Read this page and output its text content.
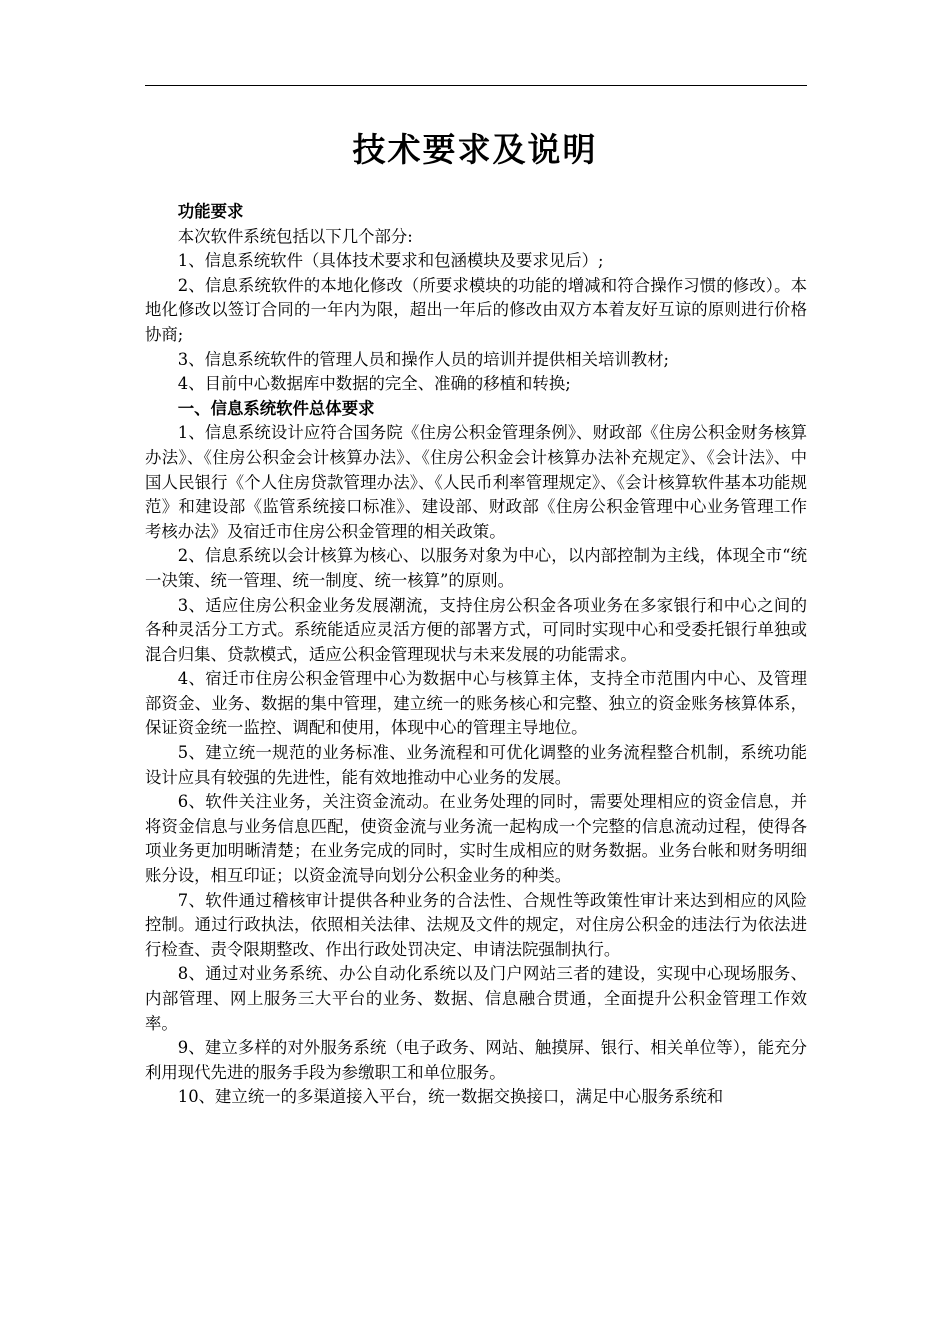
技术要求及说明

功能要求

本次软件系统包括以下几个部分:

1、信息系统软件（具体技术要求和包涵模块及要求见后）;

2、信息系统软件的本地化修改（所要求模块的功能的增减和符合操作习惯的修改）。本地化修改以签订合同的一年内为限，超出一年后的修改由双方本着友好互谅的原则进行价格协商;

3、信息系统软件的管理人员和操作人员的培训并提供相关培训教材;

4、目前中心数据库中数据的完全、准确的移植和转换;

一、信息系统软件总体要求

1、信息系统设计应符合国务院《住房公积金管理条例》、财政部《住房公积金财务核算办法》、《住房公积金会计核算办法》、《住房公积金会计核算办法补充规定》、《会计法》、中国人民银行《个人住房贷款管理办法》、《人民币利率管理规定》、《会计核算软件基本功能规范》和建设部《监管系统接口标准》、建设部、财政部《住房公积金管理中心业务管理工作考核办法》及宿迁市住房公积金管理的相关政策。

2、信息系统以会计核算为核心、以服务对象为中心，以内部控制为主线，体现全市“统一决策、统一管理、统一制度、统一核算”的原则。

3、适应住房公积金业务发展潮流，支持住房公积金各项业务在多家银行和中心之间的各种灵活分工方式。系统能适应灵活方便的部署方式，可同时实现中心和受委托银行单独或混合归集、贷款模式，适应公积金管理现状与未来发展的功能需求。

4、宿迁市住房公积金管理中心为数据中心与核算主体，支持全市范围内中心、及管理部资金、业务、数据的集中管理，建立统一的账务核心和完整、独立的资金账务核算体系，保证资金统一监控、调配和使用，体现中心的管理主导地位。

5、建立统一规范的业务标准、业务流程和可优化调整的业务流程整合机制，系统功能设计应具有较强的先进性，能有效地推动中心业务的发展。

6、软件关注业务，关注资金流动。在业务处理的同时，需要处理相应的资金信息，并将资金信息与业务信息匹配，使资金流与业务流一起构成一个完整的信息流动过程，使得各项业务更加明晰清楚；在业务完成的同时，实时生成相应的财务数据。业务台帐和财务明细账分设，相互印证；以资金流导向划分公积金业务的种类。

7、软件通过稽核审计提供各种业务的合法性、合规性等政策性审计来达到相应的风险控制。通过行政执法，依照相关法律、法规及文件的规定，对住房公积金的违法行为依法进行检查、责令限期整改、作出行政处罚决定、申请法院强制执行。

8、通过对业务系统、办公自动化系统以及门户网站三者的建设，实现中心现场服务、内部管理、网上服务三大平台的业务、数据、信息融合贯通，全面提升公积金管理工作效率。

9、建立多样的对外服务系统（电子政务、网站、触摸屏、银行、相关单位等），能充分利用现代先进的服务手段为参缴职工和单位服务。

10、建立统一的多渠道接入平台，统一数据交换接口，满足中心服务系统和
